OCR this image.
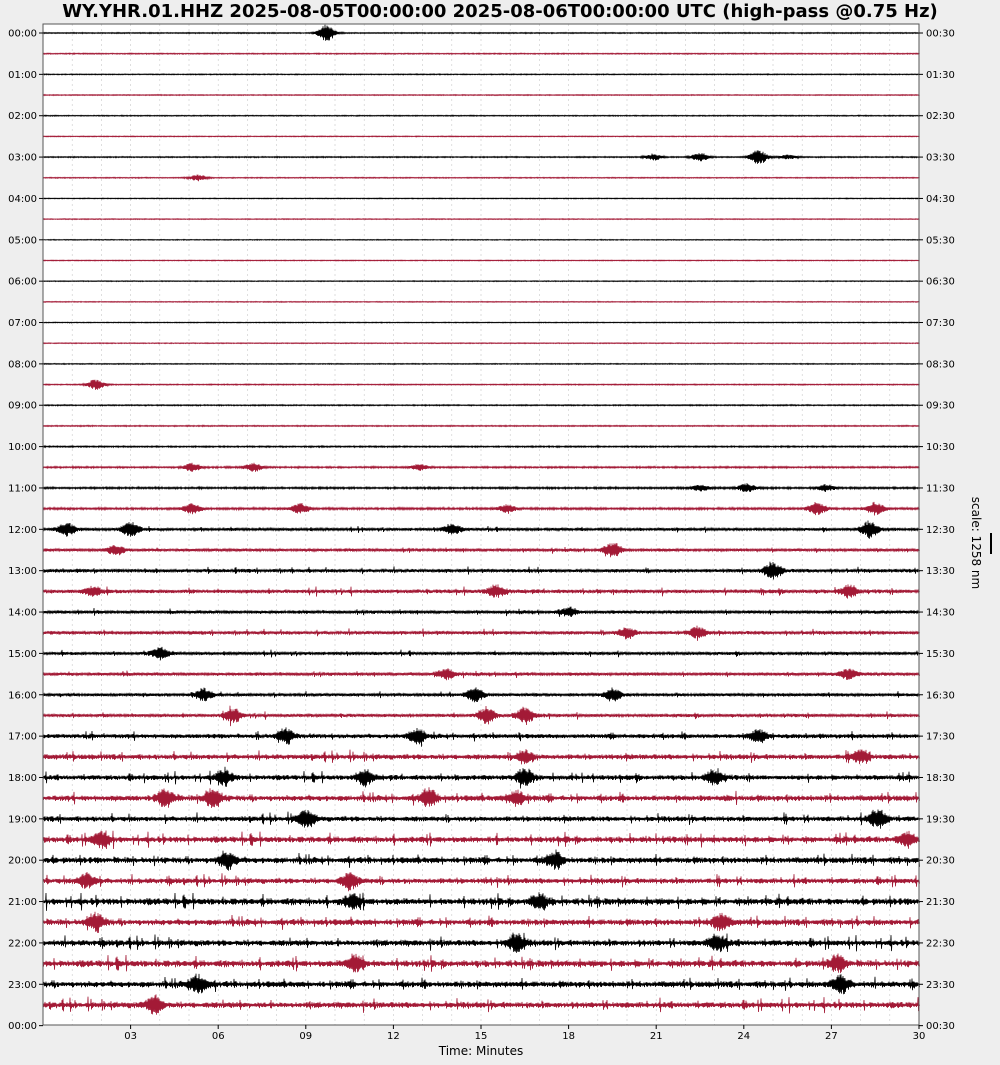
WY.YHR.01.HHZ 2025-08-05T00:00:00 2025-08-06T00:00:00 UTC (high-pass @0.75 Hz)
00:00
01:00
02:00
03:00
04:00
05:00
06:00
07:00
08:00
09:00
10:00
11:00
12:00
13:00
14:00
15:00
16:00
17:00
18:00
19:00
20:00
21:00
22:00
23:00
00:00
00:30
01:30
02:30
03:30
04:30
05:30
06:30
07:30
08:30
09:30
10:30
11:30
12:30
13:30
14:30
15:30
16:30
17:30
18:30
19:30
20:30
21:30
22:30
23:30
00:30
03	06	09	12	15	18	21	24	27	30
Time: Minutes
scale: 1258 nm
